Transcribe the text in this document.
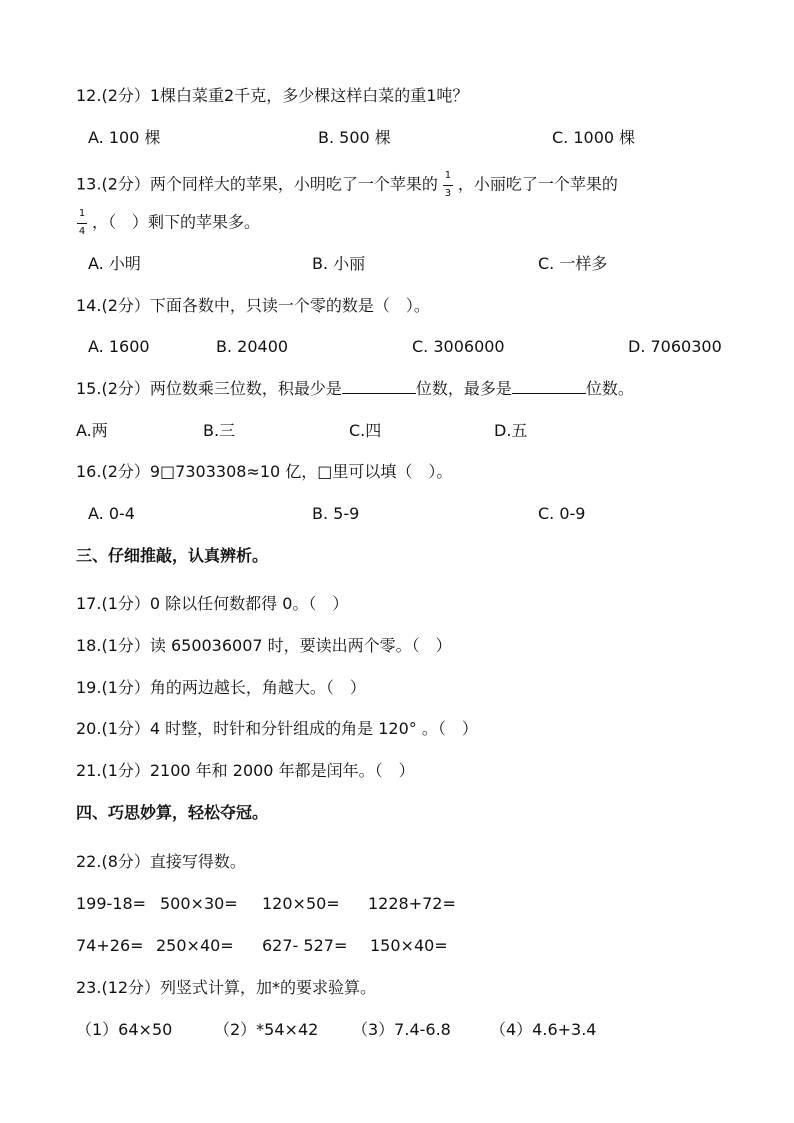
12.(2分）1棵白菜重2千克，多少棵这样白菜的重1吨？
A. 100 棵	B. 500 棵	C. 1000 棵
13.(2分）两个同样大的苹果，小明吃了一个苹果的 $\frac{1}{3}$ ，小丽吃了一个苹果的
$\frac{1}{4}$ ，（　）剩下的苹果多。
A. 小明	B. 小丽	C. 一样多
14.(2分）下面各数中，只读一个零的数是（　）。
A. 1600	B. 20400	C. 3006000	D. 7060300
15.(2分）两位数乘三位数，积最少是	位数，最多是	位数。
A.两	B.三	C.四	D.五
16.(2分）9□7303308≈10 亿，□里可以填（　）。
A. 0-4	B. 5-9	C. 0-9
三、仔细推敲，认真辨析。
17.(1分）0 除以任何数都得 0。（　）
18.(1分）读 650036007 时，要读出两个零。（　）
19.(1分）角的两边越长，角越大。（　）
20.(1分）4 时整，时针和分针组成的角是 120° 。（　）
21.(1分）2100 年和 2000 年都是闰年。（　）
四、巧思妙算，轻松夺冠。
22.(8分）直接写得数。
199-18= 500×30= 120×50= 1228+72=
74+26= 250×40= 627- 527= 150×40=
23.(12分）列竖式计算，加*的要求验算。
（1）64×50	（2）*54×42 （3）7.4-6.8 （4）4.6+3.4
